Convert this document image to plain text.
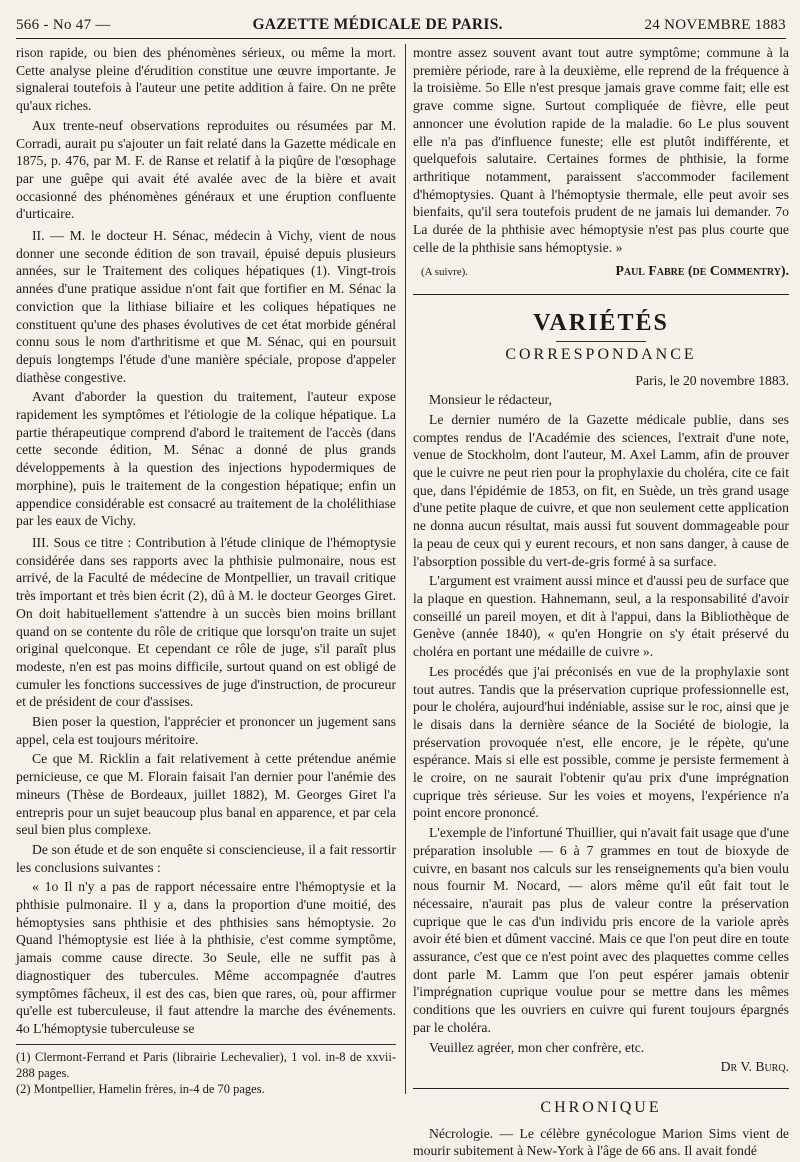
566 - No 47 —	GAZETTE MÉDICALE DE PARIS.	24 NOVEMBRE 1883

rison rapide, ou bien des phénomènes sérieux, ou même la mort. Cette analyse pleine d'érudition constitue une œuvre importante. Je signalerai toutefois à l'auteur une petite addition à faire. On ne prête qu'aux riches.

Aux trente-neuf observations reproduites ou résumées par M. Corradi, aurait pu s'ajouter un fait relaté dans la Gazette médicale en 1875, p. 476, par M. F. de Ranse et relatif à la piqûre de l'œsophage par une guêpe qui avait été avalée avec de la bière et avait occasionné des phénomènes généraux et une éruption confluente d'urticaire.

II. — M. le docteur H. Sénac, médecin à Vichy, vient de nous donner une seconde édition de son travail, épuisé depuis plusieurs années, sur le Traitement des coliques hépatiques (1). Vingt-trois années d'une pratique assidue n'ont fait que fortifier en M. Sénac la conviction que la lithiase biliaire et les coliques hépatiques ne constituent qu'une des phases évolutives de cet état morbide général connu sous le nom d'arthritisme et que M. Sénac, qui en poursuit depuis longtemps l'étude d'une manière spéciale, propose d'appeler diathèse congestive.

Avant d'aborder la question du traitement, l'auteur expose rapidement les symptômes et l'étiologie de la colique hépatique. La partie thérapeutique comprend d'abord le traitement de l'accès (dans cette seconde édition, M. Sénac a donné de plus grands développements à la question des injections hypodermiques de morphine), puis le traitement de la congestion hépatique; enfin un appendice considérable est consacré au traitement de la cholélithiase par les eaux de Vichy.

III. Sous ce titre : Contribution à l'étude clinique de l'hémoptysie considérée dans ses rapports avec la phthisie pulmonaire, nous est arrivé, de la Faculté de médecine de Montpellier, un travail critique très important et très bien écrit (2), dû à M. le docteur Georges Giret. On doit habituellement s'attendre à un succès bien moins brillant quand on se contente du rôle de critique que lorsqu'on traite un sujet original quelconque. Et cependant ce rôle de juge, s'il paraît plus modeste, n'en est pas moins difficile, surtout quand on est obligé de cumuler les fonctions successives de juge d'instruction, de procureur et de président de cour d'assises.

Bien poser la question, l'apprécier et prononcer un jugement sans appel, cela est toujours méritoire.

Ce que M. Ricklin a fait relativement à cette prétendue anémie pernicieuse, ce que M. Florain faisait l'an dernier pour l'anémie des mineurs (Thèse de Bordeaux, juillet 1882), M. Georges Giret l'a entrepris pour un sujet beaucoup plus banal en apparence, et par cela seul bien plus complexe.

De son étude et de son enquête si consciencieuse, il a fait ressortir les conclusions suivantes :

« 1o Il n'y a pas de rapport nécessaire entre l'hémoptysie et la phthisie pulmonaire. Il y a, dans la proportion d'une moitié, des hémoptysies sans phthisie et des phthisies sans hémoptysie. 2o Quand l'hémoptysie est liée à la phthisie, c'est comme symptôme, jamais comme cause directe. 3o Seule, elle ne suffit pas à diagnostiquer des tubercules. Même accompagnée d'autres symptômes fâcheux, il est des cas, bien que rares, où, pour affirmer qu'elle est tuberculeuse, il faut attendre la marche des événements. 4o L'hémoptysie tuberculeuse se

(1) Clermont-Ferrand et Paris (librairie Lechevalier), 1 vol. in-8 de xxvii-288 pages.

(2) Montpellier, Hamelin frères, in-4 de 70 pages.

montre assez souvent avant tout autre symptôme; commune à la première période, rare à la deuxième, elle reprend de la fréquence à la troisième. 5o Elle n'est presque jamais grave comme fait; elle est grave comme signe. Surtout compliquée de fièvre, elle peut annoncer une évolution rapide de la maladie. 6o Le plus souvent elle n'a pas d'influence funeste; elle est plutôt indifférente, et quelquefois salutaire. Certaines formes de phthisie, la forme arthritique notamment, paraissent s'accommoder facilement d'hémoptysies. Quant à l'hémoptysie thermale, elle peut avoir ses bienfaits, qu'il sera toutefois prudent de ne jamais lui demander. 7o La durée de la phthisie avec hémoptysie n'est pas plus courte que celle de la phthisie sans hémoptysie. »

(A suivre).	Paul Fabre (de Commentry).
VARIÉTÉS
CORRESPONDANCE

Paris, le 20 novembre 1883.

Monsieur le rédacteur,

Le dernier numéro de la Gazette médicale publie, dans ses comptes rendus de l'Académie des sciences, l'extrait d'une note, venue de Stockholm, dont l'auteur, M. Axel Lamm, afin de prouver que le cuivre ne peut rien pour la prophylaxie du choléra, cite ce fait que, dans l'épidémie de 1853, on fit, en Suède, un très grand usage d'une petite plaque de cuivre, et que non seulement cette application ne donna aucun résultat, mais aussi fut souvent dommageable pour la peau de ceux qui y eurent recours, et non sans danger, à cause de l'absorption possible du vert-de-gris formé à sa surface.

L'argument est vraiment aussi mince et d'aussi peu de surface que la plaque en question. Hahnemann, seul, a la responsabilité d'avoir conseillé un pareil moyen, et dit à l'appui, dans la Bibliothèque de Genève (année 1840), « qu'en Hongrie on s'y était préservé du choléra en portant une médaille de cuivre ».

Les procédés que j'ai préconisés en vue de la prophylaxie sont tout autres. Tandis que la préservation cuprique professionnelle est, pour le choléra, aujourd'hui indéniable, assise sur le roc, ainsi que je le disais dans la dernière séance de la Société de biologie, la préservation provoquée n'est, elle encore, je le répète, qu'une espérance. Mais si elle est possible, comme je persiste fermement à le croire, on ne saurait l'obtenir qu'au prix d'une imprégnation cuprique très sérieuse. Sur les voies et moyens, l'expérience n'a point encore prononcé.

L'exemple de l'infortuné Thuillier, qui n'avait fait usage que d'une préparation insoluble — 6 à 7 grammes en tout de bioxyde de cuivre, en basant nos calculs sur les renseignements qu'a bien voulu nous fournir M. Nocard, — alors même qu'il eût fait tout le nécessaire, n'aurait pas plus de valeur contre la préservation cuprique que le cas d'un individu pris encore de la variole après avoir été bien et dûment vacciné. Mais ce que l'on peut dire en toute assurance, c'est que ce n'est point avec des plaquettes comme celles dont parle M. Lamm que l'on peut espérer jamais obtenir l'imprégnation cuprique voulue pour se mettre dans les mêmes conditions que les ouvriers en cuivre qui furent toujours épargnés par le choléra.

Veuillez agréer, mon cher confrère, etc.

Dr V. Burq.

CHRONIQUE

Nécrologie. — Le célèbre gynécologue Marion Sims vient de mourir subitement à New-York à l'âge de 66 ans. Il avait fondé
